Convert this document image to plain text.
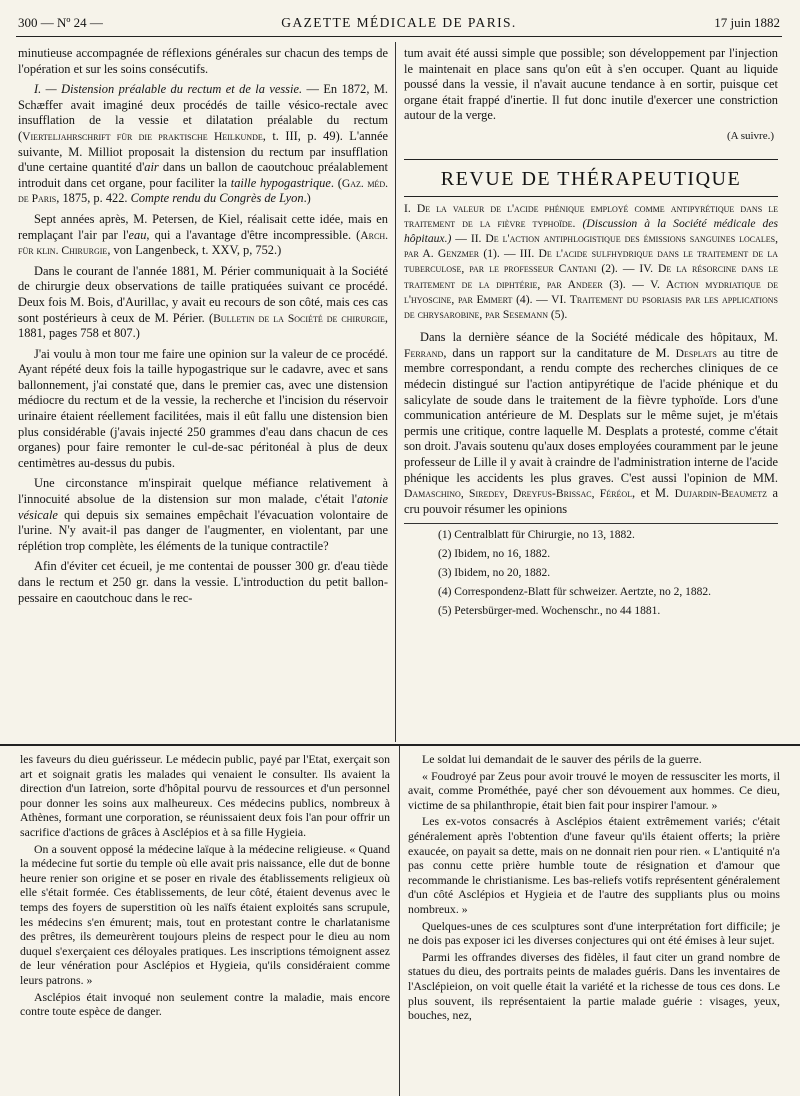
300 — Nº 24 —	GAZETTE MÉDICALE DE PARIS.	17 juin 1882

minutieuse accompagnée de réflexions générales sur chacun des temps de l'opération et sur les soins consécutifs.

I. — Distension préalable du rectum et de la vessie. — En 1872, M. Schæffer avait imaginé deux procédés de taille vésico-rectale avec insufflation de la vessie et dilatation préalable du rectum (Vierteljahrschrift für die praktische Heilkunde, t. III, p. 49). L'année suivante, M. Milliot proposait la distension du rectum par insufflation d'une certaine quantité d'air dans un ballon de caoutchouc préalablement introduit dans cet organe, pour faciliter la taille hypogastrique. (Gaz. méd. de Paris, 1875, p. 422. Compte rendu du Congrès de Lyon.)

Sept années après, M. Petersen, de Kiel, réalisait cette idée, mais en remplaçant l'air par l'eau, qui a l'avantage d'être incompressible. (Arch. für klin. Chirurgie, von Langenbeck, t. XXV, p, 752.)

Dans le courant de l'année 1881, M. Périer communiquait à la Société de chirurgie deux observations de taille pratiquées suivant ce procédé. Deux fois M. Bois, d'Aurillac, y avait eu recours de son côté, mais ces cas sont postérieurs à ceux de M. Périer. (Bulletin de la Société de chirurgie, 1881, pages 758 et 807.)

J'ai voulu à mon tour me faire une opinion sur la valeur de ce procédé. Ayant répété deux fois la taille hypogastrique sur le cadavre, avec et sans ballonnement, j'ai constaté que, dans le premier cas, avec une distension médiocre du rectum et de la vessie, la recherche et l'incision du réservoir urinaire étaient réellement facilitées, mais il eût fallu une distension bien plus considérable (j'avais injecté 250 grammes d'eau dans chacun de ces organes) pour faire remonter le cul-de-sac péritonéal à plus de deux centimètres au-dessus du pubis.

Une circonstance m'inspirait quelque méfiance relativement à l'innocuité absolue de la distension sur mon malade, c'était l'atonie vésicale qui depuis six semaines empêchait l'évacuation volontaire de l'urine. N'y avait-il pas danger de l'augmenter, en violentant, par une réplétion trop complète, les éléments de la tunique contractile?

Afin d'éviter cet écueil, je me contentai de pousser 300 gr. d'eau tiède dans le rectum et 250 gr. dans la vessie. L'introduction du petit ballon-pessaire en caoutchouc dans le rec-

tum avait été aussi simple que possible; son développement par l'injection le maintenait en place sans qu'on eût à s'en occuper. Quant au liquide poussé dans la vessie, il n'avait aucune tendance à en sortir, puisque cet organe était frappé d'inertie. Il fut donc inutile d'exercer une constriction autour de la verge.

(A suivre.)
REVUE DE THÉRAPEUTIQUE

I. De la valeur de l'acide phénique employé comme antipyrétique dans le traitement de la fièvre typhoïde. (Discussion à la Société médicale des hôpitaux.) — II. De l'action antiphlogistique des émissions sanguines locales, par A. Genzmer (1). — III. De l'acide sulfhydrique dans le traitement de la tuberculose, par le professeur Cantani (2). — IV. De la résorcine dans le traitement de la diphtérie, par Andeer (3). — V. Action mydriatique de l'hyoscine, par Emmert (4). — VI. Traitement du psoriasis par les applications de chrysarobine, par Sesemann (5).

Dans la dernière séance de la Société médicale des hôpitaux, M. Ferrand, dans un rapport sur la canditature de M. Desplats au titre de membre correspondant, a rendu compte des recherches cliniques de ce médecin distingué sur l'action antipyrétique de l'acide phénique et du salicylate de soude dans le traitement de la fièvre typhoïde. Lors d'une communication antérieure de M. Desplats sur le même sujet, je m'étais permis une critique, contre laquelle M. Desplats a protesté, comme c'était son droit. J'avais soutenu qu'aux doses employées couramment par le jeune professeur de Lille il y avait à craindre de l'administration interne de l'acide phénique les accidents les plus graves. C'est aussi l'opinion de MM. Damaschino, Siredey, Dreyfus-Brissac, Féréol, et M. Dujardin-Beaumetz a cru pouvoir résumer les opinions

(1) Centralblatt für Chirurgie, no 13, 1882.

(2) Ibidem, no 16, 1882.

(3) Ibidem, no 20, 1882.

(4) Correspondenz-Blatt für schweizer. Aertzte, no 2, 1882.

(5) Petersbürger-med. Wochenschr., no 44 1881.

les faveurs du dieu guérisseur. Le médecin public, payé par l'Etat, exerçait son art et soignait gratis les malades qui venaient le consulter. Ils avaient la direction d'un Iatreion, sorte d'hôpital pourvu de ressources et d'un personnel pour donner les soins aux malheureux. Ces médecins publics, nombreux à Athènes, formant une corporation, se réunissaient deux fois l'an pour offrir un sacrifice d'actions de grâces à Asclépios et à sa fille Hygieia.

On a souvent opposé la médecine laïque à la médecine religieuse. « Quand la médecine fut sortie du temple où elle avait pris naissance, elle dut de bonne heure renier son origine et se poser en rivale des établissements religieux où elle s'était formée. Ces établissements, de leur côté, étaient devenus avec le temps des foyers de superstition où les naïfs étaient exploités sans scrupule, les médecins s'en émurent; mais, tout en protestant contre le charlatanisme des prêtres, ils demeurèrent toujours pleins de respect pour le dieu au nom duquel s'exerçaient ces déloyales pratiques. Les inscriptions témoignent assez de leur vénération pour Asclépios et Hygieia, qu'ils considéraient comme leurs patrons. »

Asclépios était invoqué non seulement contre la maladie, mais encore contre toute espèce de danger.

Le soldat lui demandait de le sauver des périls de la guerre.

« Foudroyé par Zeus pour avoir trouvé le moyen de ressusciter les morts, il avait, comme Prométhée, payé cher son dévouement aux hommes. Ce dieu, victime de sa philanthropie, était bien fait pour inspirer l'amour. »

Les ex-votos consacrés à Asclépios étaient extrêmement variés; c'était généralement après l'obtention d'une faveur qu'ils étaient offerts; la prière exaucée, on payait sa dette, mais on ne donnait rien pour rien. « L'antiquité n'a pas connu cette prière humble toute de résignation et d'amour que recommande le christianisme. Les bas-reliefs votifs représentent généralement d'un côté Asclépios et Hygieia et de l'autre des suppliants plus ou moins nombreux. »

Quelques-unes de ces sculptures sont d'une interprétation fort difficile; je ne dois pas exposer ici les diverses conjectures qui ont été émises à leur sujet.

Parmi les offrandes diverses des fidèles, il faut citer un grand nombre de statues du dieu, des portraits peints de malades guéris. Dans les inventaires de l'Asclépieion, on voit quelle était la variété et la richesse de tous ces dons. Le plus souvent, ils représentaient la partie malade guérie : visages, yeux, bouches, nez,
